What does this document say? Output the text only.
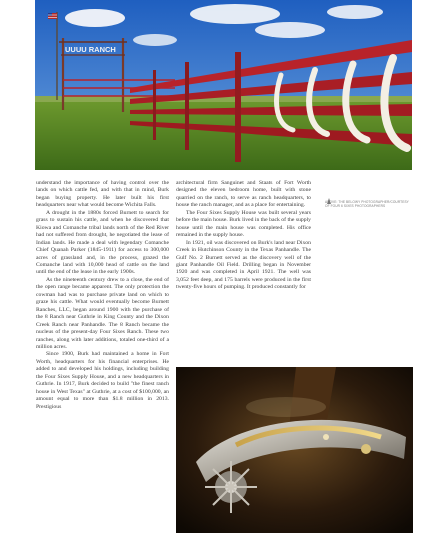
UUUU RANCH
ABOVE: THE BELOWY PHOTOGRAPHER/COURTESY OF FOUR 6 SIXES PHOTOGRAPHERS

understand the importance of having control over the lands on which cattle fed, and with that in mind, Burk began buying property. He later built his first headquarters near what would become Wichita Falls.

A drought in the 1880s forced Burnett to search for grass to sustain his cattle, and when he discovered that Kiowa and Comanche tribal lands north of the Red River had not suffered from drought, he negotiated the lease of Indian lands. He made a deal with legendary Comanche Chief Quanah Parker (1845-1911) for access to 300,000 acres of grassland and, in the process, grazed the Comanche land with 10,000 head of cattle on the land until the end of the lease in the early 1900s.

As the nineteenth century drew to a close, the end of the open range became apparent. The only protection the cowman had was to purchase private land on which to graze his cattle. What would eventually become Burnett Ranches, LLC, began around 1900 with the purchase of the 8 Ranch near Guthrie in King County and the Dixon Creek Ranch near Panhandle. The 8 Ranch became the nucleus of the present-day Four Sixes Ranch. These two ranches, along with later additions, totaled one-third of a million acres.

Since 1900, Burk had maintained a home in Fort Worth, headquarters for his financial enterprises. He added to and developed his holdings, including building the Four Sixes Supply House, and a new headquarters in Guthrie. In 1917, Burk decided to build "the finest ranch house in West Texas" at Guthrie, at a cost of $100,000, an amount equal to more than $1.8 million in 2013. Prestigious

architectural firm Sanguinet and Staats of Fort Worth designed the eleven bedroom home, built with stone quarried on the ranch, to serve as ranch headquarters, to house the ranch manager, and as a place for entertaining.

The Four Sixes Supply House was built several years before the main house. Burk lived in the back of the supply house until the main house was completed. His office remained in the supply house.

In 1921, oil was discovered on Burk's land near Dixon Creek in Hutchinson County in the Texas Panhandle. The Gulf No. 2 Burnett served as the discovery well of the giant Panhandle Oil Field. Drilling began in November 1920 and was completed in April 1921. The well was 3,052 feet deep, and 175 barrels were produced in the first twenty-five hours of pumping. It produced constantly for
